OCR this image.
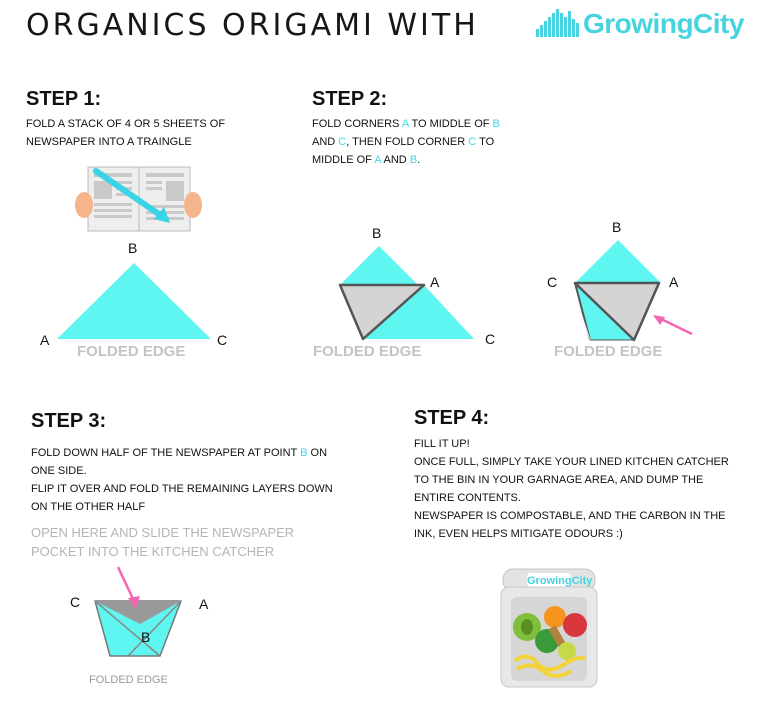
ORGANICS ORIGAMI WITH	GrowingCity
STEP 1:
FOLD A STACK OF 4 OR 5 SHEETS OF
NEWSPAPER INTO A TRAINGLE
B
A	C
FOLDED EDGE
STEP 2:
FOLD CORNERS A TO MIDDLE OF B
AND C, THEN FOLD CORNER C TO
MIDDLE OF A AND B.
B
A
C
FOLDED EDGE
B
C	A
FOLDED EDGE
STEP 3:
FOLD DOWN HALF OF THE NEWSPAPER AT POINT B ON
ONE SIDE.
FLIP IT OVER AND FOLD THE REMAINING LAYERS DOWN
ON THE OTHER HALF
OPEN HERE AND SLIDE THE NEWSPAPER
POCKET INTO THE KITCHEN CATCHER
C	A
B
FOLDED EDGE
STEP 4:
FILL IT UP!
ONCE FULL, SIMPLY TAKE YOUR LINED KITCHEN CATCHER
TO THE BIN IN YOUR GARNAGE AREA, AND DUMP THE
ENTIRE CONTENTS.
NEWSPAPER IS COMPOSTABLE, AND THE CARBON IN THE
INK, EVEN HELPS MITIGATE ODOURS :)
GrowingCity
